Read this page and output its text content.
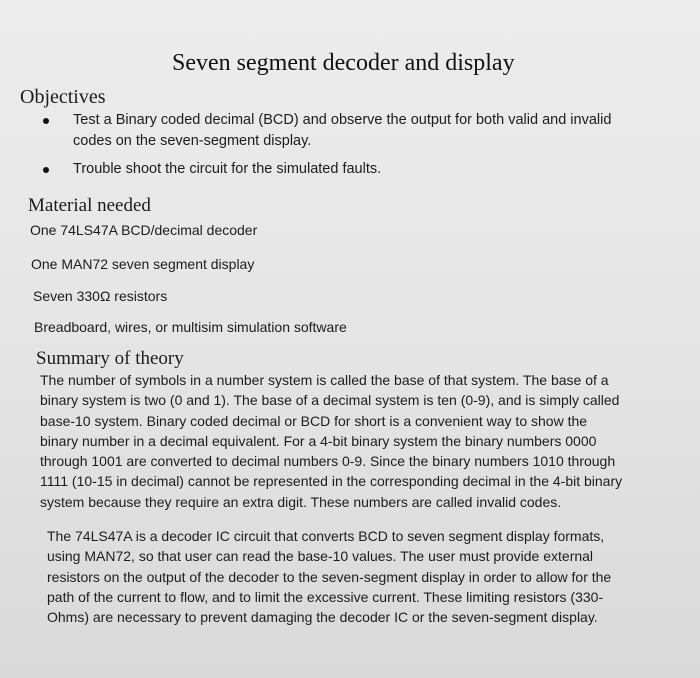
Seven segment decoder and display
Objectives
Test a Binary coded decimal (BCD) and observe the output for both valid and invalid codes on the seven-segment display.
Trouble shoot the circuit for the simulated faults.
Material needed
One 74LS47A BCD/decimal decoder
One MAN72 seven segment display
Seven 330Ω resistors
Breadboard, wires, or multisim simulation software
Summary of theory

The number of symbols in a number system is called the base of that system. The base of a binary system is two (0 and 1). The base of a decimal system is ten (0-9), and is simply called base-10 system. Binary coded decimal or BCD for short is a convenient way to show the binary number in a decimal equivalent. For a 4-bit binary system the binary numbers 0000 through 1001 are converted to decimal numbers 0-9. Since the binary numbers 1010 through 1111 (10-15 in decimal) cannot be represented in the corresponding decimal in the 4-bit binary system because they require an extra digit. These numbers are called invalid codes.

The 74LS47A is a decoder IC circuit that converts BCD to seven segment display formats, using MAN72, so that user can read the base-10 values. The user must provide external resistors on the output of the decoder to the seven-segment display in order to allow for the path of the current to flow, and to limit the excessive current. These limiting resistors (330-Ohms) are necessary to prevent damaging the decoder IC or the seven-segment display.
